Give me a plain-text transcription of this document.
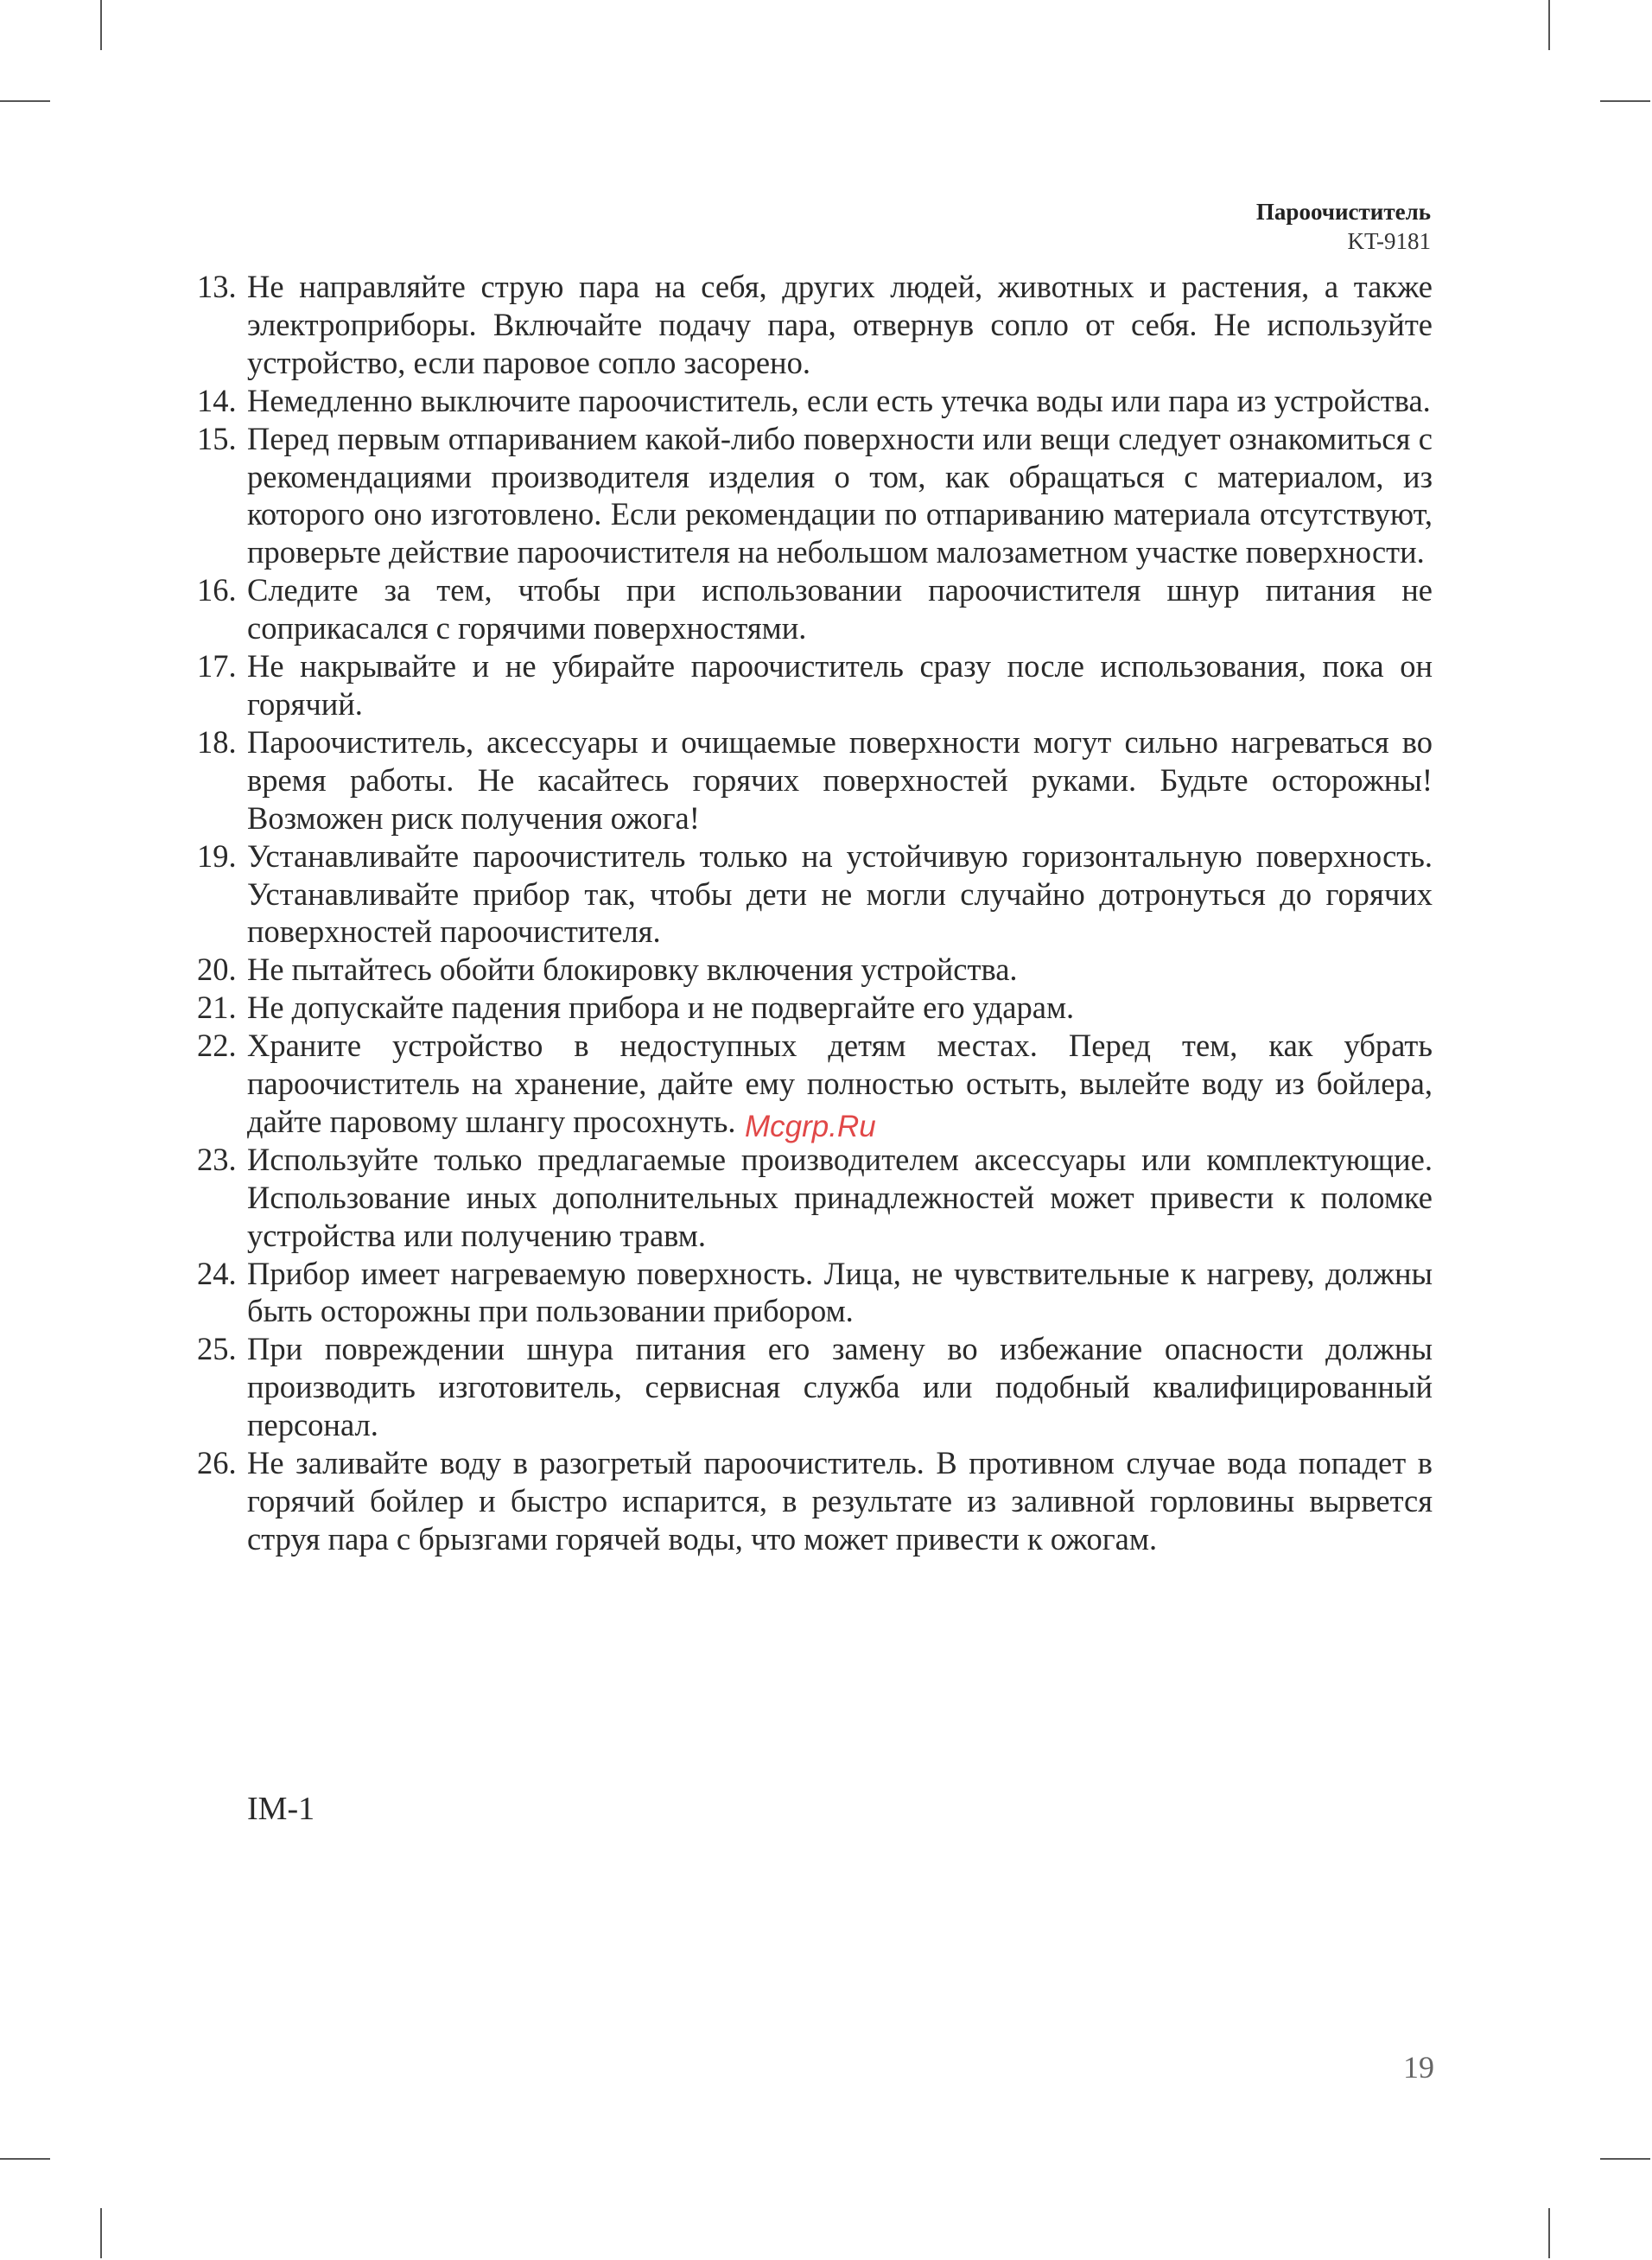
Пароочиститель
KT-9181
13. Не направляйте струю пара на себя, других людей, животных и растения, а также электроприборы. Включайте подачу пара, отвернув сопло от себя. Не используйте устройство, если паровое сопло засорено.
14. Немедленно выключите пароочиститель, если есть утечка воды или пара из устройства.
15. Перед первым отпариванием какой-либо поверхности или вещи следует ознакомиться с рекомендациями производителя изделия о том, как обращаться с материалом, из которого оно изготовлено. Если рекомендации по отпариванию материала отсутствуют, проверьте действие пароочистителя на небольшом малозаметном участке поверхности.
16. Следите за тем, чтобы при использовании пароочистителя шнур питания не соприкасался с горячими поверхностями.
17. Не накрывайте и не убирайте пароочиститель сразу после использования, пока он горячий.
18. Пароочиститель, аксессуары и очищаемые поверхности могут сильно нагреваться во время работы. Не касайтесь горячих поверхностей руками. Будьте осторожны! Возможен риск получения ожога!
19. Устанавливайте пароочиститель только на устойчивую горизонтальную поверхность. Устанавливайте прибор так, чтобы дети не могли случайно дотронуться до горячих поверхностей пароочистителя.
20. Не пытайтесь обойти блокировку включения устройства.
21. Не допускайте падения прибора и не подвергайте его ударам.
22. Храните устройство в недоступных детям местах. Перед тем, как убрать пароочиститель на хранение, дайте ему полностью остыть, вылейте воду из бойлера, дайте паровому шлангу просохнуть.
23. Используйте только предлагаемые производителем аксессуары или комплектующие. Использование иных дополнительных принадлежностей может привести к поломке устройства или получению травм.
24. Прибор имеет нагреваемую поверхность. Лица, не чувствительные к нагреву, должны быть осторожны при пользовании прибором.
25. При повреждении шнура питания его замену во избежание опасности должны производить изготовитель, сервисная служба или подобный квалифицированный персонал.
26. Не заливайте воду в разогретый пароочиститель. В противном случае вода попадет в горячий бойлер и быстро испарится, в результате из заливной горловины вырвется струя пара с брызгами горячей воды, что может привести к ожогам.
Mcgrp.Ru
IM-1
19
